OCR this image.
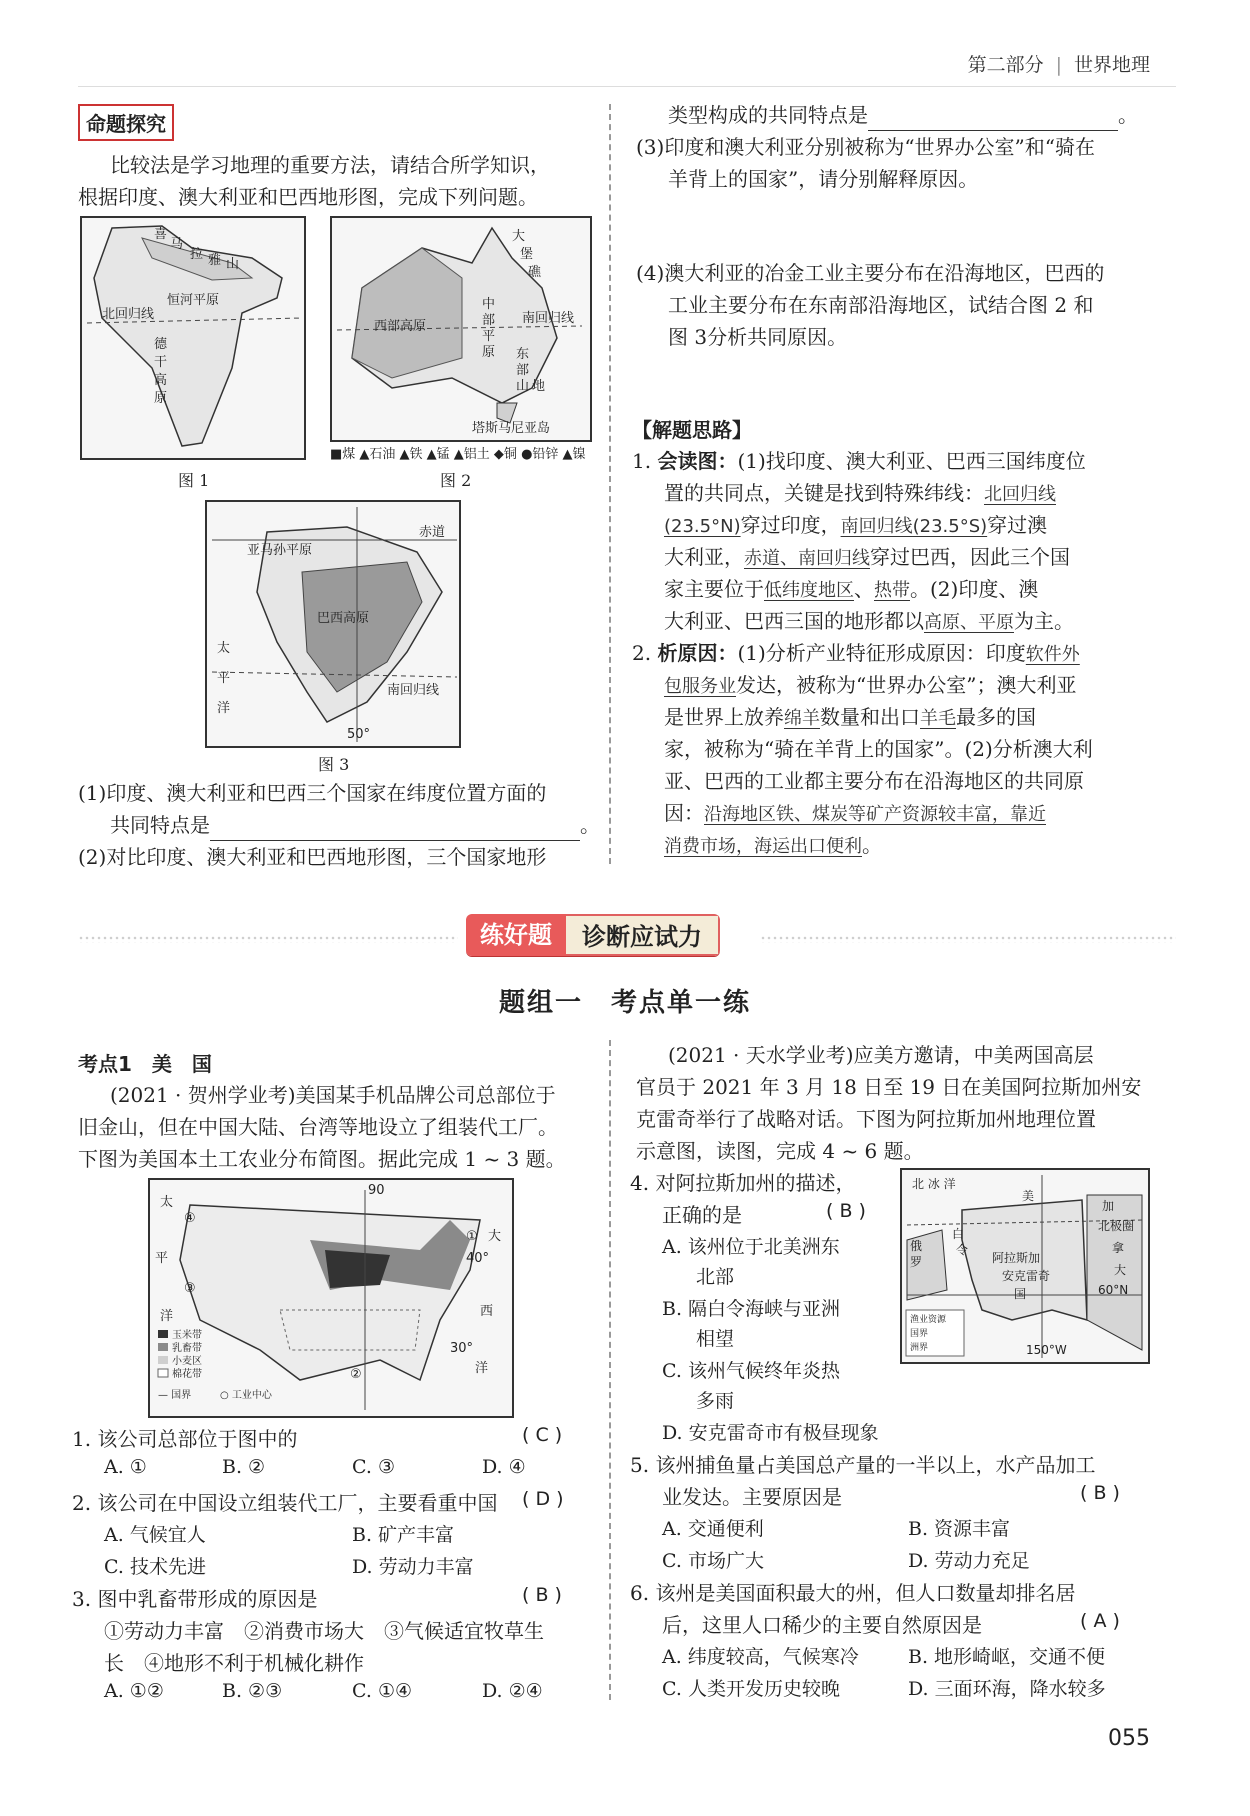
第二部分 | 世界地理
命题探究
比较法是学习地理的重要方法，请结合所学知识，
根据印度、澳大利亚和巴西地形图，完成下列问题。
喜
马
拉 雅 山
恒河平原
北回归线
德
干
高
原
图 1
大
堡
礁
南回归线
西部高原
中
部
平
原 东
部
山 地
塔斯马尼亚岛
■煤 ▲石油 ▲铁 ▲锰 ▲铝土 ◆铜 ●铅锌 ▲镍
图 2
赤道
亚马孙平原
巴西高原
太
平
洋
南回归线
50°
图 3
(1)印度、澳大利亚和巴西三个国家在纬度位置方面的
共同特点是	。
(2)对比印度、澳大利亚和巴西地形图，三个国家地形
类型构成的共同特点是	。
(3)印度和澳大利亚分别被称为“世界办公室”和“骑在
羊背上的国家”，请分别解释原因。
(4)澳大利亚的冶金工业主要分布在沿海地区，巴西的
工业主要分布在东南部沿海地区，试结合图 2 和
图 3分析共同原因。
【解题思路】
1. 会读图：(1)找印度、澳大利亚、巴西三国纬度位
置的共同点，关键是找到特殊纬线：北回归线
(23.5°N)穿过印度，南回归线(23.5°S)穿过澳
大利亚，赤道、南回归线穿过巴西，因此三个国
家主要位于低纬度地区、热带。(2)印度、澳
大利亚、巴西三国的地形都以高原、平原为主。
2. 析原因：(1)分析产业特征形成原因：印度软件外
包服务业发达，被称为“世界办公室”；澳大利亚
是世界上放养绵羊数量和出口羊毛最多的国
家，被称为“骑在羊背上的国家”。(2)分析澳大利
亚、巴西的工业都主要分布在沿海地区的共同原
因：沿海地区铁、煤炭等矿产资源较丰富，靠近
消费市场，海运出口便利。
练好题	诊断应试力
题组一　考点单一练
考点1　美　国
(2021 · 贺州学业考)美国某手机品牌公司总部位于
旧金山，但在中国大陆、台湾等地设立了组装代工厂。
下图为美国本土工农业分布简图。据此完成 1 ~ 3 题。
90
太
平
洋
大
40°
西
30°
洋
④
③
②
①
玉米带
乳畜带
小麦区
棉花带
— 国界	○ 工业中心
1. 该公司总部位于图中的	( C )
A. ①	B. ②	C. ③	D. ④
2. 该公司在中国设立组装代工厂，主要看重中国 ( D )
A. 气候宜人	B. 矿产丰富
C. 技术先进	D. 劳动力丰富
3. 图中乳畜带形成的原因是	( B )
①劳动力丰富　②消费市场大　③气候适宜牧草生
长　④地形不利于机械化耕作
A. ①②	B. ②③	C. ①④	D. ②④
(2021 · 天水学业考)应美方邀请，中美两国高层
官员于 2021 年 3 月 18 日至 19 日在美国阿拉斯加州安
克雷奇举行了战略对话。下图为阿拉斯加州地理位置
示意图，读图，完成 4 ~ 6 题。
北 冰 洋
美
加
北极圈
白
令
俄
罗	阿拉斯加
安克雷奇
拿
国
大
60°N
150°W
渔业资源
国界
洲界
4. 对阿拉斯加州的描述，
正确的是	( B )
A. 该州位于北美洲东
北部
B. 隔白令海峡与亚洲
相望
C. 该州气候终年炎热
多雨
D. 安克雷奇市有极昼现象
5. 该州捕鱼量占美国总产量的一半以上，水产品加工
业发达。主要原因是	( B )
A. 交通便利	B. 资源丰富
C. 市场广大	D. 劳动力充足
6. 该州是美国面积最大的州，但人口数量却排名居
后，这里人口稀少的主要自然原因是	( A )
A. 纬度较高，气候寒冷	B. 地形崎岖，交通不便
C. 人类开发历史较晚	D. 三面环海，降水较多
055
